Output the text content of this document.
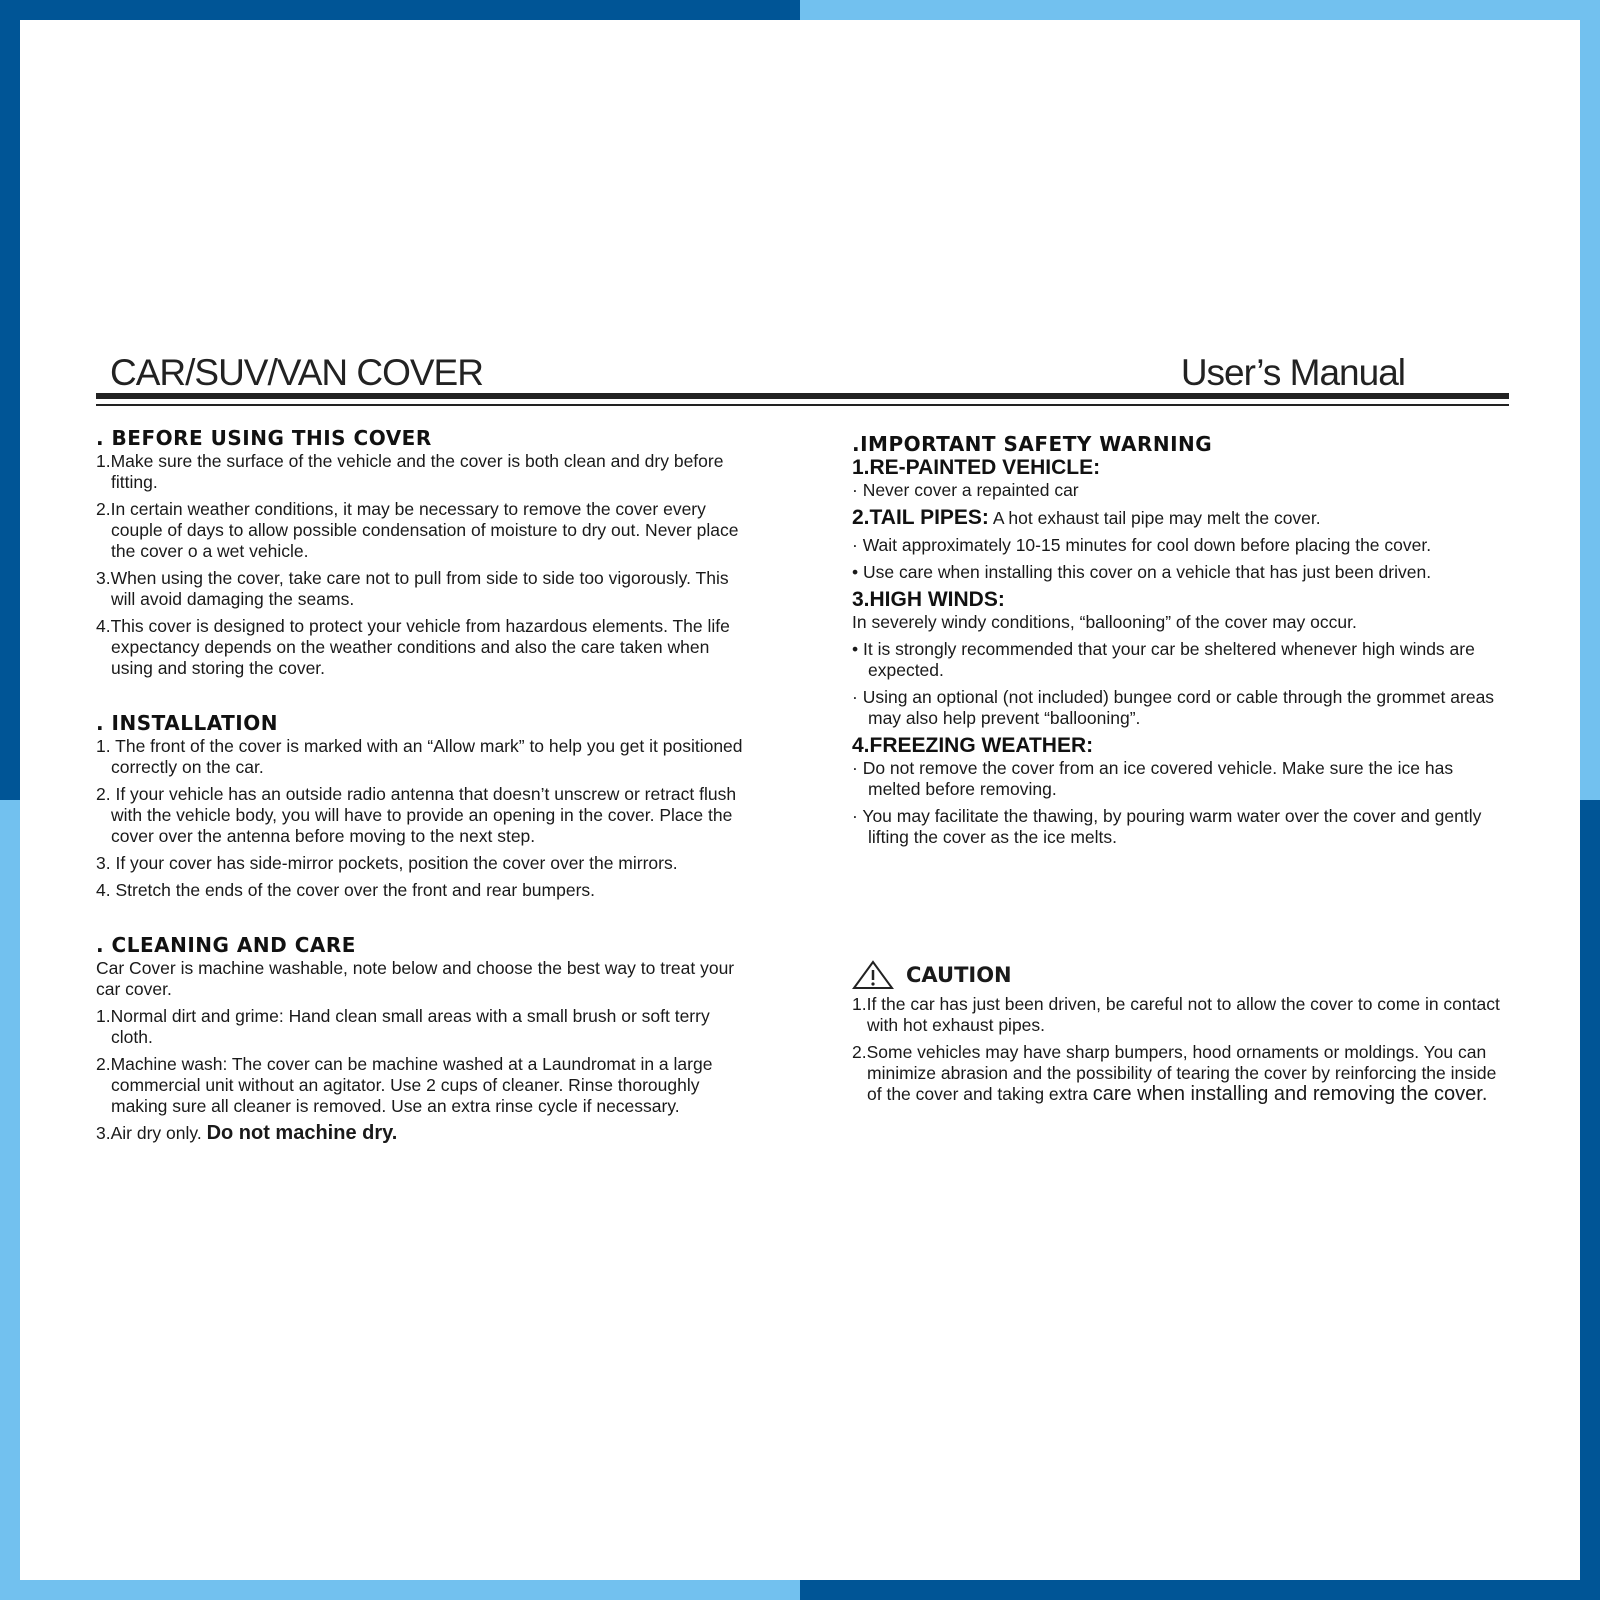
CAR/SUV/VAN COVER	User’s Manual
. BEFORE USING THIS COVER
1.Make sure the surface of the vehicle and the cover is both clean and dry before fitting.
2.In certain weather conditions, it may be necessary to remove the cover every couple of days to allow possible condensation of moisture to dry out. Never place the cover o a wet vehicle.
3.When using the cover, take care not to pull from side to side too vigorously. This will avoid damaging the seams.
4.This cover is designed to protect your vehicle from hazardous elements. The life expectancy depends on the weather conditions and also the care taken when using and storing the cover.
. INSTALLATION
1. The front of the cover is marked with an “Allow mark” to help you get it positioned correctly on the car.
2. If your vehicle has an outside radio antenna that doesn’t unscrew or retract flush with the vehicle body, you will have to provide an opening in the cover. Place the cover over the antenna before moving to the next step.
3. If your cover has side-mirror pockets, position the cover over the mirrors.
4. Stretch the ends of the cover over the front and rear bumpers.
. CLEANING AND CARE
Car Cover is machine washable, note below and choose the best way to treat your car cover.
1.Normal dirt and grime: Hand clean small areas with a small brush or soft terry cloth.
2.Machine wash: The cover can be machine washed at a Laundromat in a large commercial unit without an agitator. Use 2 cups of cleaner. Rinse thoroughly making sure all cleaner is removed. Use an extra rinse cycle if necessary.
3.Air dry only. Do not machine dry.
.IMPORTANT SAFETY WARNING
1.RE-PAINTED VEHICLE:
· Never cover a repainted car
2.TAIL PIPES: A hot exhaust tail pipe may melt the cover.
· Wait approximately 10-15 minutes for cool down before placing the cover.
• Use care when installing this cover on a vehicle that has just been driven.
3.HIGH WINDS:
In severely windy conditions, “ballooning” of the cover may occur.
• It is strongly recommended that your car be sheltered whenever high winds are expected.
· Using an optional (not included) bungee cord or cable through the grommet areas may also help prevent “ballooning”.
4.FREEZING WEATHER:
· Do not remove the cover from an ice covered vehicle. Make sure the ice has melted before removing.
· You may facilitate the thawing, by pouring warm water over the cover and gently lifting the cover as the ice melts.
CAUTION
1.If the car has just been driven, be careful not to allow the cover to come in contact with hot exhaust pipes.
2.Some vehicles may have sharp bumpers, hood ornaments or moldings. You can minimize abrasion and the possibility of tearing the cover by reinforcing the inside of the cover and taking extra care when installing and removing the cover.
